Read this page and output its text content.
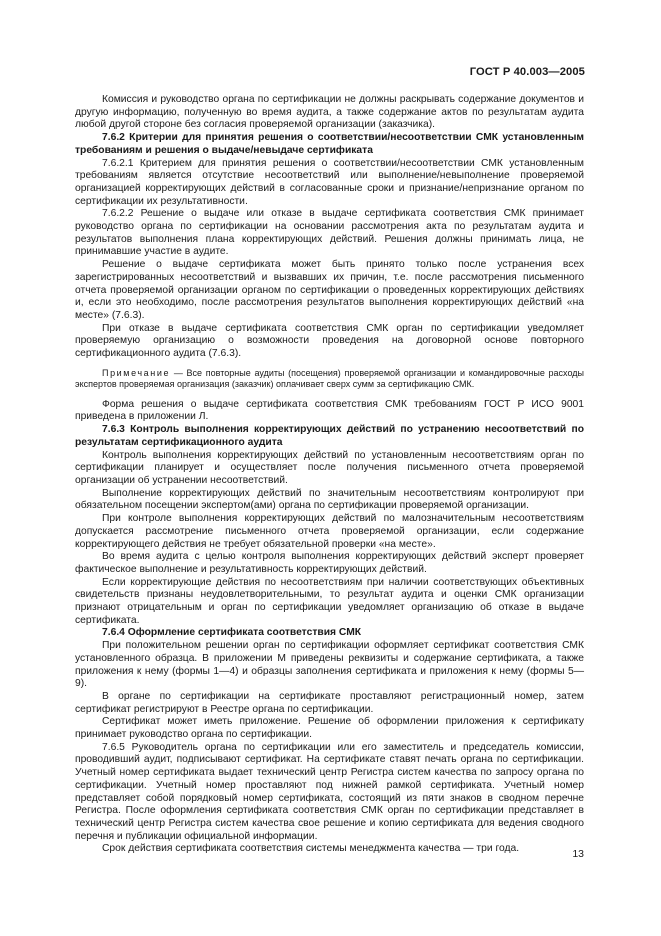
ГОСТ Р 40.003—2005

Комиссия и руководство органа по сертификации не должны раскрывать содержание документов и другую информацию, полученную во время аудита, а также содержание актов по результатам аудита любой другой стороне без согласия проверяемой организации (заказчика).

7.6.2 Критерии для принятия решения о соответствии/несоответствии СМК установленным требованиям и решения о выдаче/невыдаче сертификата

7.6.2.1 Критерием для принятия решения о соответствии/несоответствии СМК установленным требованиям является отсутствие несоответствий или выполнение/невыполнение проверяемой организацией корректирующих действий в согласованные сроки и признание/непризнание органом по сертификации их результативности.

7.6.2.2 Решение о выдаче или отказе в выдаче сертификата соответствия СМК принимает руководство органа по сертификации на основании рассмотрения акта по результатам аудита и результатов выполнения плана корректирующих действий. Решения должны принимать лица, не принимавшие участие в аудите.

Решение о выдаче сертификата может быть принято только после устранения всех зарегистрированных несоответствий и вызвавших их причин, т.е. после рассмотрения письменного отчета проверяемой организации органом по сертификации о проведенных корректирующих действиях и, если это необходимо, после рассмотрения результатов выполнения корректирующих действий «на месте» (7.6.3).

При отказе в выдаче сертификата соответствия СМК орган по сертификации уведомляет проверяемую организацию о возможности проведения на договорной основе повторного сертификационного аудита (7.6.3).

Примечание — Все повторные аудиты (посещения) проверяемой организации и командировочные расходы экспертов проверяемая организация (заказчик) оплачивает сверх сумм за сертификацию СМК.

Форма решения о выдаче сертификата соответствия СМК требованиям ГОСТ Р ИСО 9001 приведена в приложении Л.

7.6.3 Контроль выполнения корректирующих действий по устранению несоответствий по результатам сертификационного аудита

Контроль выполнения корректирующих действий по установленным несоответствиям орган по сертификации планирует и осуществляет после получения письменного отчета проверяемой организации об устранении несоответствий.

Выполнение корректирующих действий по значительным несоответствиям контролируют при обязательном посещении экспертом(ами) органа по сертификации проверяемой организации.

При контроле выполнения корректирующих действий по малозначительным несоответствиям допускается рассмотрение письменного отчета проверяемой организации, если содержание корректирующего действия не требует обязательной проверки «на месте».

Во время аудита с целью контроля выполнения корректирующих действий эксперт проверяет фактическое выполнение и результативность корректирующих действий.

Если корректирующие действия по несоответствиям при наличии соответствующих объективных свидетельств признаны неудовлетворительными, то результат аудита и оценки СМК организации признают отрицательным и орган по сертификации уведомляет организацию об отказе в выдаче сертификата.

7.6.4 Оформление сертификата соответствия СМК

При положительном решении орган по сертификации оформляет сертификат соответствия СМК установленного образца. В приложении М приведены реквизиты и содержание сертификата, а также приложения к нему (формы 1—4) и образцы заполнения сертификата и приложения к нему (формы 5—9).

В органе по сертификации на сертификате проставляют регистрационный номер, затем сертификат регистрируют в Реестре органа по сертификации.

Сертификат может иметь приложение. Решение об оформлении приложения к сертификату принимает руководство органа по сертификации.

7.6.5 Руководитель органа по сертификации или его заместитель и председатель комиссии, проводивший аудит, подписывают сертификат. На сертификате ставят печать органа по сертификации. Учетный номер сертификата выдает технический центр Регистра систем качества по запросу органа по сертификации. Учетный номер проставляют под нижней рамкой сертификата. Учетный номер представляет собой порядковый номер сертификата, состоящий из пяти знаков в сводном перечне Регистра. После оформления сертификата соответствия СМК орган по сертификации представляет в технический центр Регистра систем качества свое решение и копию сертификата для ведения сводного перечня и публикации официальной информации.

Срок действия сертификата соответствия системы менеджмента качества — три года.	13
